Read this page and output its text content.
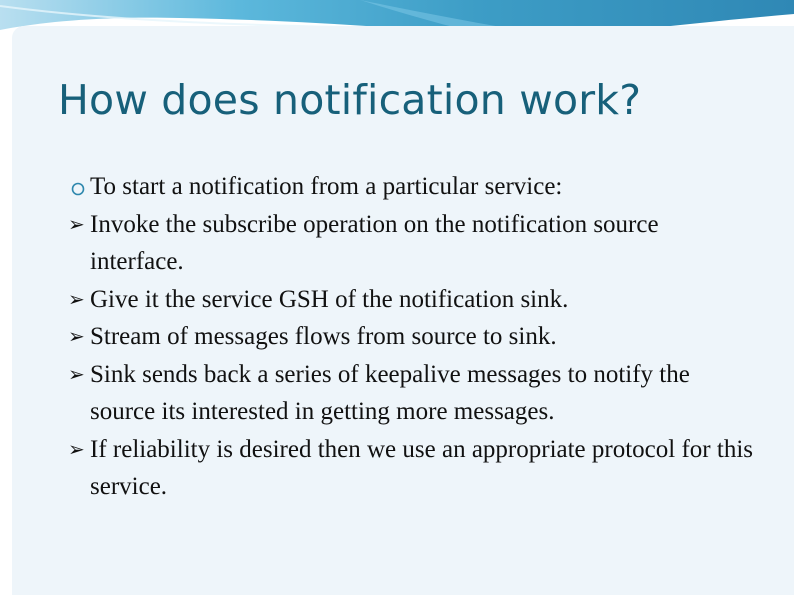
How does notification work?
To start a notification from a particular service:
➢ Invoke the subscribe operation on the notification source interface.
➢ Give it the service GSH of the notification sink.
➢ Stream of messages flows from source to sink.
➢ Sink sends back a series of keepalive messages to notify the source its interested in getting more messages.
➢ If reliability is desired then we use an appropriate protocol for this service.
